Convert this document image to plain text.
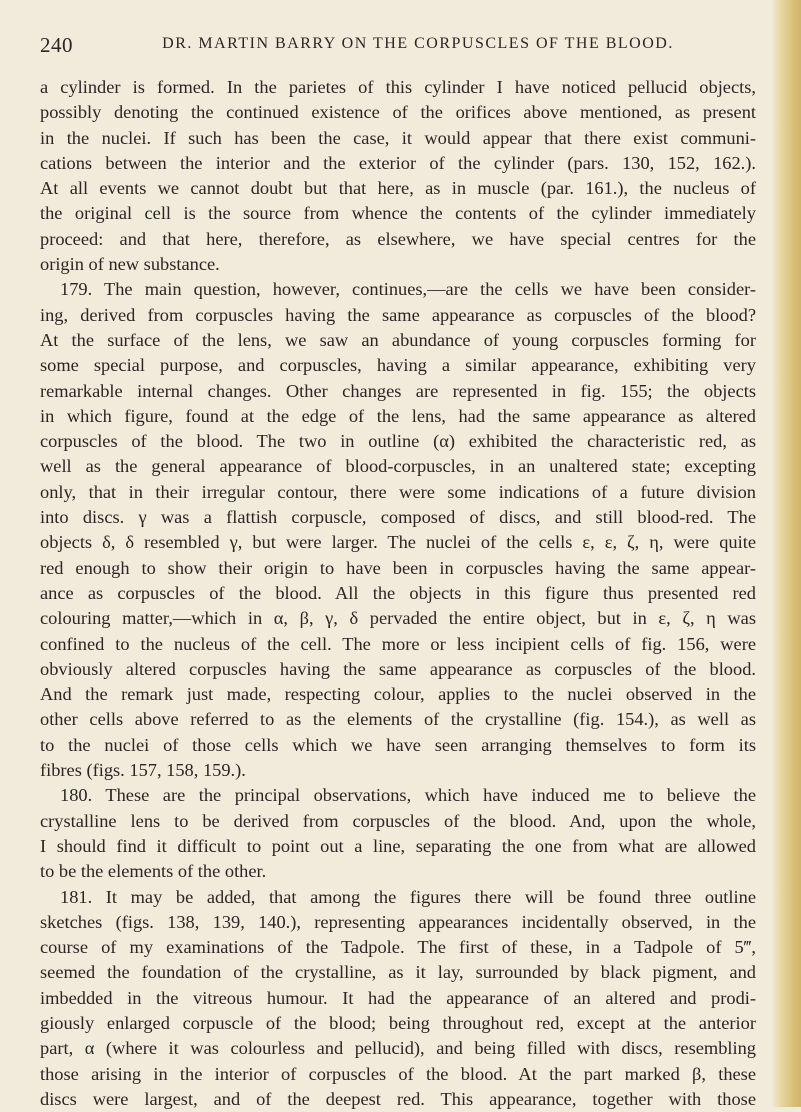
240	DR. MARTIN BARRY ON THE CORPUSCLES OF THE BLOOD.
a cylinder is formed. In the parietes of this cylinder I have noticed pellucid objects,
possibly denoting the continued existence of the orifices above mentioned, as present
in the nuclei. If such has been the case, it would appear that there exist communi-
cations between the interior and the exterior of the cylinder (pars. 130, 152, 162.).
At all events we cannot doubt but that here, as in muscle (par. 161.), the nucleus of
the original cell is the source from whence the contents of the cylinder immediately
proceed: and that here, therefore, as elsewhere, we have special centres for the
origin of new substance.
179. The main question, however, continues,—are the cells we have been consider-
ing, derived from corpuscles having the same appearance as corpuscles of the blood?
At the surface of the lens, we saw an abundance of young corpuscles forming for
some special purpose, and corpuscles, having a similar appearance, exhibiting very
remarkable internal changes. Other changes are represented in fig. 155; the objects
in which figure, found at the edge of the lens, had the same appearance as altered
corpuscles of the blood. The two in outline (α) exhibited the characteristic red, as
well as the general appearance of blood-corpuscles, in an unaltered state; excepting
only, that in their irregular contour, there were some indications of a future division
into discs. γ was a flattish corpuscle, composed of discs, and still blood-red. The
objects δ, δ resembled γ, but were larger. The nuclei of the cells ε, ε, ζ, η, were quite
red enough to show their origin to have been in corpuscles having the same appear-
ance as corpuscles of the blood. All the objects in this figure thus presented red
colouring matter,—which in α, β, γ, δ pervaded the entire object, but in ε, ζ, η was
confined to the nucleus of the cell. The more or less incipient cells of fig. 156, were
obviously altered corpuscles having the same appearance as corpuscles of the blood.
And the remark just made, respecting colour, applies to the nuclei observed in the
other cells above referred to as the elements of the crystalline (fig. 154.), as well as
to the nuclei of those cells which we have seen arranging themselves to form its
fibres (figs. 157, 158, 159.).
180. These are the principal observations, which have induced me to believe the
crystalline lens to be derived from corpuscles of the blood. And, upon the whole,
I should find it difficult to point out a line, separating the one from what are allowed
to be the elements of the other.
181. It may be added, that among the figures there will be found three outline
sketches (figs. 138, 139, 140.), representing appearances incidentally observed, in the
course of my examinations of the Tadpole. The first of these, in a Tadpole of 5‴,
seemed the foundation of the crystalline, as it lay, surrounded by black pigment, and
imbedded in the vitreous humour. It had the appearance of an altered and prodi-
giously enlarged corpuscle of the blood; being throughout red, except at the anterior
part, α (where it was colourless and pellucid), and being filled with discs, resembling
those arising in the interior of corpuscles of the blood. At the part marked β, these
discs were largest, and of the deepest red. This appearance, together with those
